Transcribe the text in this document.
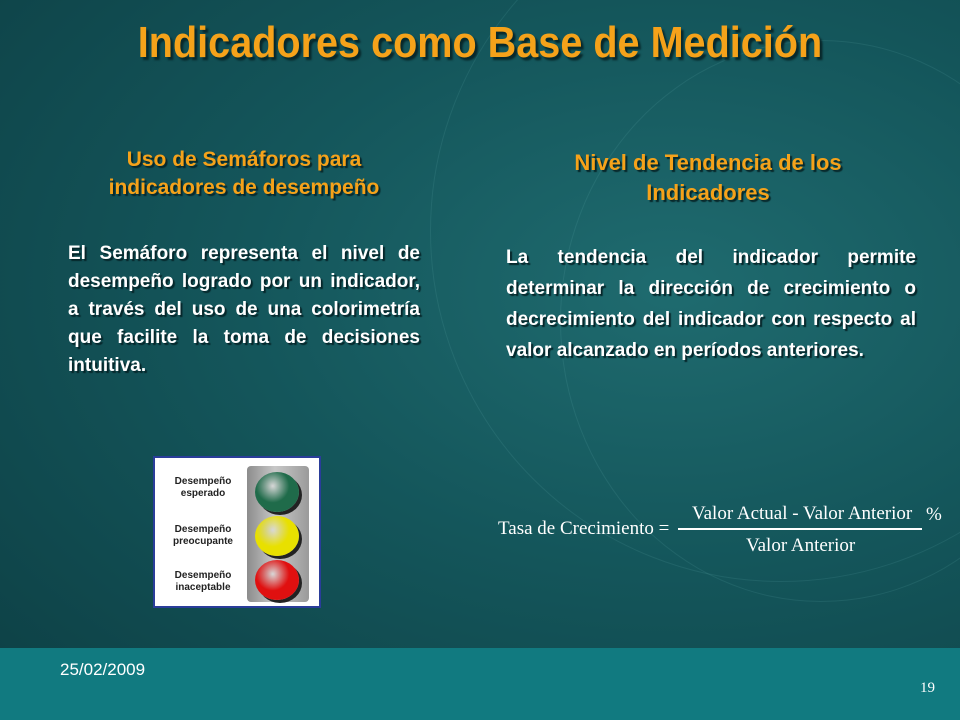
Indicadores como Base de Medición
Uso de Semáforos para indicadores de desempeño
El Semáforo representa el nivel de desempeño logrado por un indicador, a través del uso de una colorimetría que facilite la toma de decisiones intuitiva.
Nivel de Tendencia de los Indicadores
La tendencia del indicador permite determinar la dirección de crecimiento o decrecimiento del indicador con respecto al valor alcanzado en períodos anteriores.
Desempeño esperado
Desempeño preocupante
Desempeño inaceptable
Tasa de Crecimiento =
Valor Actual - Valor Anterior
Valor Anterior
%
25/02/2009
19
